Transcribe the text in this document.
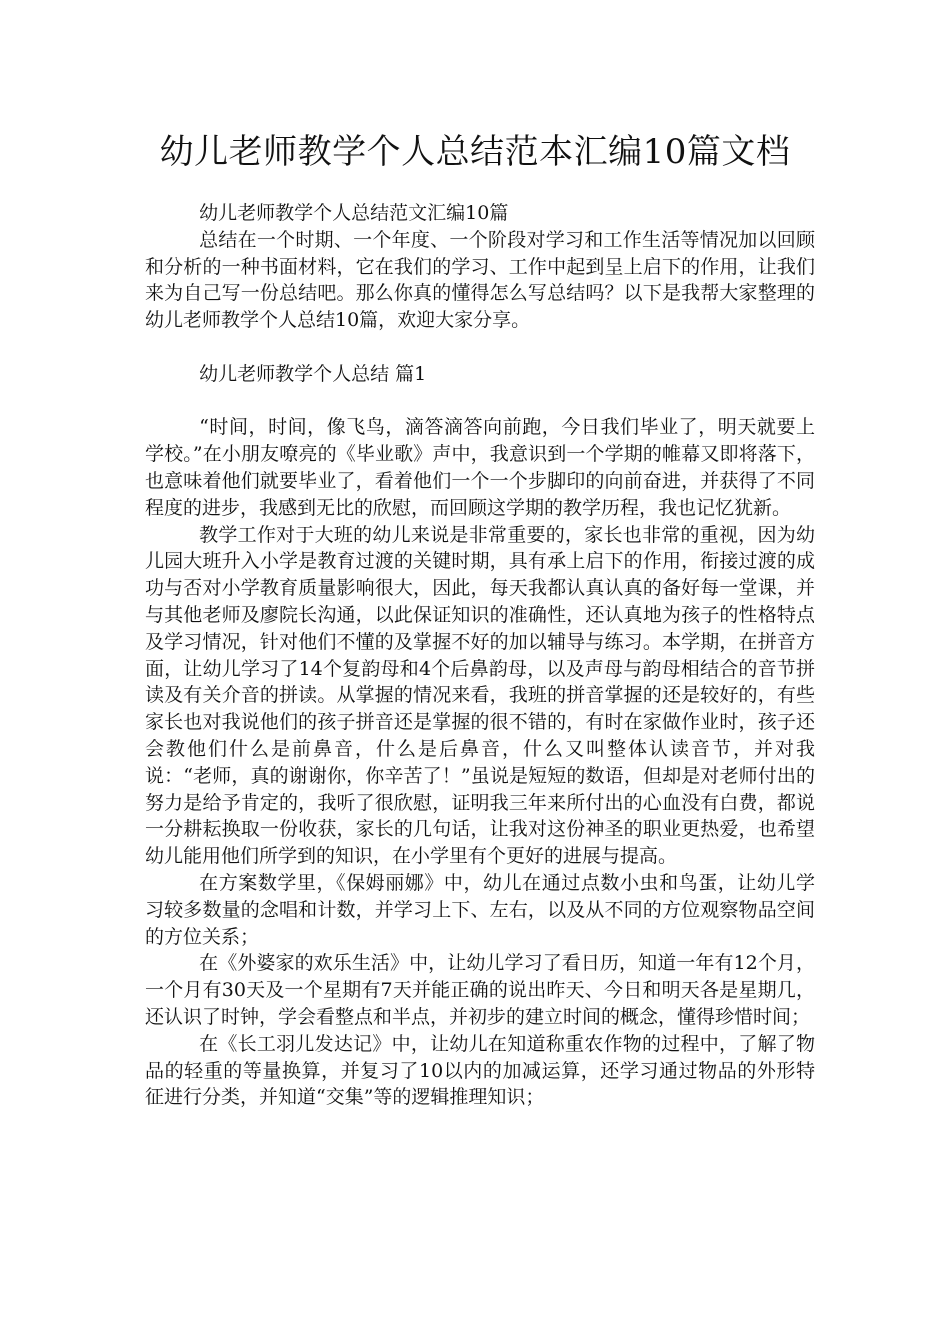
幼儿老师教学个人总结范本汇编10篇文档

幼儿老师教学个人总结范文汇编10篇

总结在一个时期、一个年度、一个阶段对学习和工作生活等情况加以回顾和分析的一种书面材料，它在我们的学习、工作中起到呈上启下的作用，让我们来为自己写一份总结吧。那么你真的懂得怎么写总结吗？以下是我帮大家整理的幼儿老师教学个人总结10篇，欢迎大家分享。

幼儿老师教学个人总结 篇1

“时间，时间，像飞鸟，滴答滴答向前跑，今日我们毕业了，明天就要上学校。”在小朋友嘹亮的《毕业歌》声中，我意识到一个学期的帷幕又即将落下，也意味着他们就要毕业了，看着他们一个一个步脚印的向前奋进，并获得了不同程度的进步，我感到无比的欣慰，而回顾这学期的教学历程，我也记忆犹新。

教学工作对于大班的幼儿来说是非常重要的，家长也非常的重视，因为幼儿园大班升入小学是教育过渡的关键时期，具有承上启下的作用，衔接过渡的成功与否对小学教育质量影响很大，因此，每天我都认真认真的备好每一堂课，并与其他老师及廖院长沟通，以此保证知识的准确性，还认真地为孩子的性格特点及学习情况，针对他们不懂的及掌握不好的加以辅导与练习。本学期，在拼音方面，让幼儿学习了14个复韵母和4个后鼻韵母，以及声母与韵母相结合的音节拼读及有关介音的拼读。从掌握的情况来看，我班的拼音掌握的还是较好的，有些家长也对我说他们的孩子拼音还是掌握的很不错的，有时在家做作业时，孩子还会教他们什么是前鼻音，什么是后鼻音，什么又叫整体认读音节，并对我说：“老师，真的谢谢你，你辛苦了！”虽说是短短的数语，但却是对老师付出的努力是给予肯定的，我听了很欣慰，证明我三年来所付出的心血没有白费，都说一分耕耘换取一份收获，家长的几句话，让我对这份神圣的职业更热爱，也希望幼儿能用他们所学到的知识，在小学里有个更好的进展与提高。

在方案数学里，《保姆丽娜》中，幼儿在通过点数小虫和鸟蛋，让幼儿学习较多数量的念唱和计数，并学习上下、左右，以及从不同的方位观察物品空间的方位关系；

在《外婆家的欢乐生活》中，让幼儿学习了看日历，知道一年有12个月，一个月有30天及一个星期有7天并能正确的说出昨天、今日和明天各是星期几，还认识了时钟，学会看整点和半点，并初步的建立时间的概念，懂得珍惜时间；

在《长工羽儿发达记》中，让幼儿在知道称重农作物的过程中，了解了物品的轻重的等量换算，并复习了10以内的加减运算，还学习通过物品的外形特征进行分类，并知道“交集”等的逻辑推理知识；
